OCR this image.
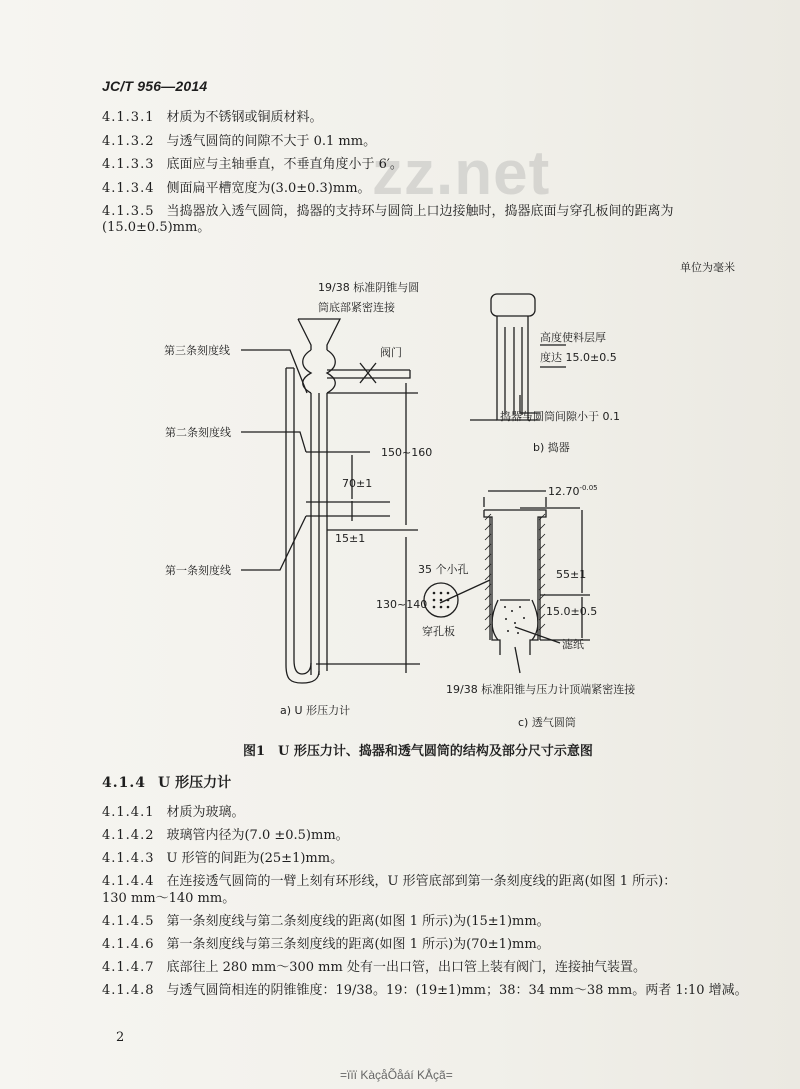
JC/T 956—2014
zz.net
4.1.3.1 材质为不锈钢或铜质材料。
4.1.3.2 与透气圆筒的间隙不大于 0.1 mm。
4.1.3.3 底面应与主轴垂直，不垂直角度小于 6′。
4.1.3.4 侧面扁平槽宽度为(3.0±0.3)mm。
4.1.3.5 当捣器放入透气圆筒，捣器的支持环与圆筒上口边接触时，捣器底面与穿孔板间的距离为
(15.0±0.5)mm。
单位为毫米
19/38 标准阴锥与圆
筒底部紧密连接
第三条刻度线
第二条刻度线
第一条刻度线
阀门
150~160
70±1
15±1
130~140
a) U 形压力计
高度使料层厚
度达 15.0±0.5
捣器与圆筒间隙小于 0.1
b) 捣器
$12.70^{-0.05}$
35 个小孔
穿孔板
55±1
15.0±0.5
滤纸
19/38 标准阳锥与压力计顶端紧密连接
c) 透气圆筒
图1　U 形压力计、捣器和透气圆筒的结构及部分尺寸示意图
4.1.4 U 形压力计
4.1.4.1 材质为玻璃。
4.1.4.2 玻璃管内径为(7.0 ±0.5)mm。
4.1.4.3 U 形管的间距为(25±1)mm。
4.1.4.4 在连接透气圆筒的一臂上刻有环形线，U 形管底部到第一条刻度线的距离(如图 1 所示)：
130 mm～140 mm。
4.1.4.5 第一条刻度线与第二条刻度线的距离(如图 1 所示)为(15±1)mm。
4.1.4.6 第一条刻度线与第三条刻度线的距离(如图 1 所示)为(70±1)mm。
4.1.4.7 底部往上 280 mm～300 mm 处有一出口管，出口管上装有阀门，连接抽气装置。
4.1.4.8 与透气圆筒相连的阴锥锥度：19/38。19：(19±1)mm；38：34 mm～38 mm。两者 1:10 增减。
2
=ïïï KàçåÕåáí KÅçã=
